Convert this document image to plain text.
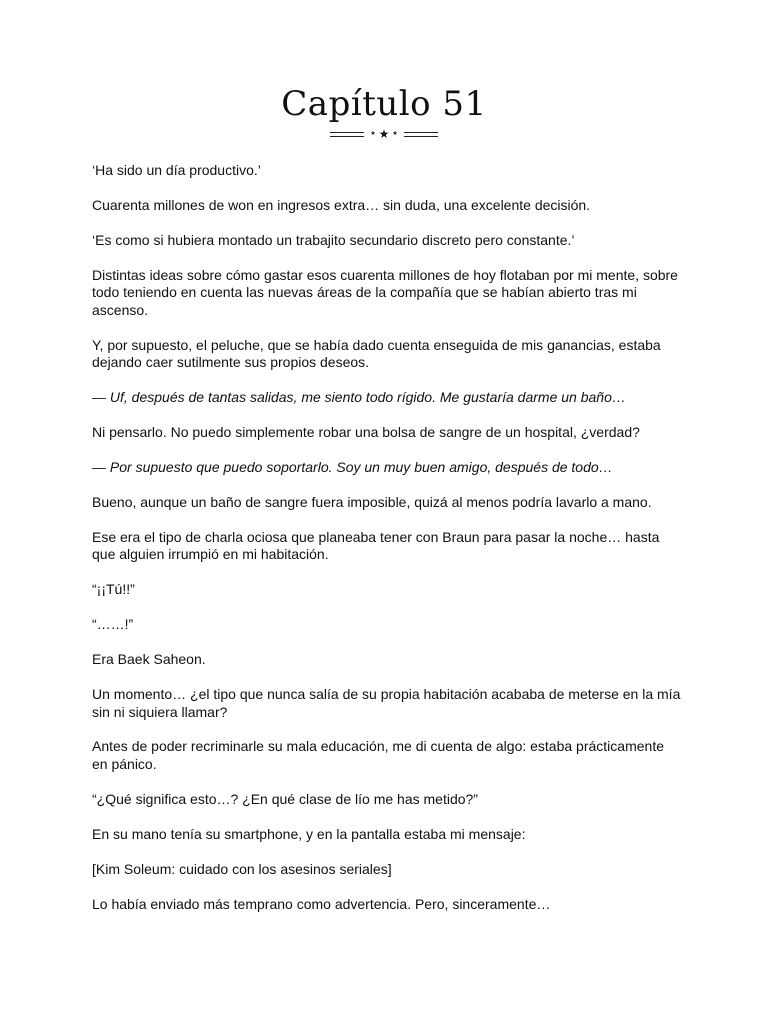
Capítulo 51
★ ★ ★

‘Ha sido un día productivo.’

Cuarenta millones de won en ingresos extra… sin duda, una excelente decisión.

‘Es como si hubiera montado un trabajito secundario discreto pero constante.’

Distintas ideas sobre cómo gastar esos cuarenta millones de hoy flotaban por mi mente, sobre todo teniendo en cuenta las nuevas áreas de la compañía que se habían abierto tras mi ascenso.

Y, por supuesto, el peluche, que se había dado cuenta enseguida de mis ganancias, estaba dejando caer sutilmente sus propios deseos.

— Uf, después de tantas salidas, me siento todo rígido. Me gustaría darme un baño…

Ni pensarlo. No puedo simplemente robar una bolsa de sangre de un hospital, ¿verdad?

— Por supuesto que puedo soportarlo. Soy un muy buen amigo, después de todo…

Bueno, aunque un baño de sangre fuera imposible, quizá al menos podría lavarlo a mano.

Ese era el tipo de charla ociosa que planeaba tener con Braun para pasar la noche… hasta que alguien irrumpió en mi habitación.

“¡¡Tú!!”

“……!”

Era Baek Saheon.

Un momento… ¿el tipo que nunca salía de su propia habitación acababa de meterse en la mía sin ni siquiera llamar?

Antes de poder recriminarle su mala educación, me di cuenta de algo: estaba prácticamente en pánico.

“¿Qué significa esto…? ¿En qué clase de lío me has metido?”

En su mano tenía su smartphone, y en la pantalla estaba mi mensaje:

[Kim Soleum: cuidado con los asesinos seriales]

Lo había enviado más temprano como advertencia. Pero, sinceramente…
